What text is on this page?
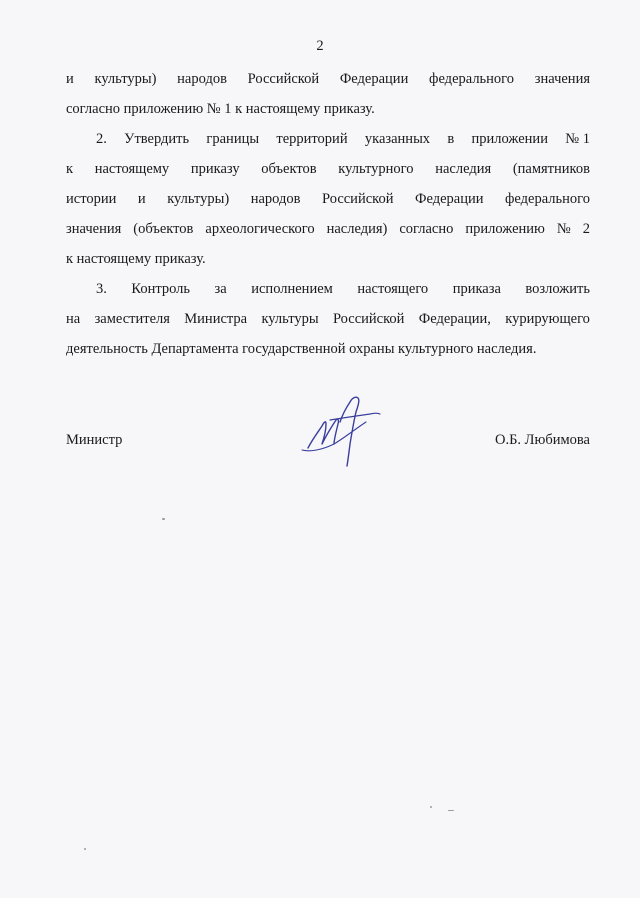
2
и культуры) народов Российской Федерации федерального значения
согласно приложению № 1 к настоящему приказу.
2. Утвердить границы территорий указанных в приложении № 1
к настоящему приказу объектов культурного наследия (памятников
истории и культуры) народов Российской Федерации федерального
значения (объектов археологического наследия) согласно приложению № 2
к настоящему приказу.
3. Контроль за исполнением настоящего приказа возложить
на заместителя Министра культуры Российской Федерации, курирующего
деятельность Департамента государственной охраны культурного наследия.
Министр	О.Б. Любимова
